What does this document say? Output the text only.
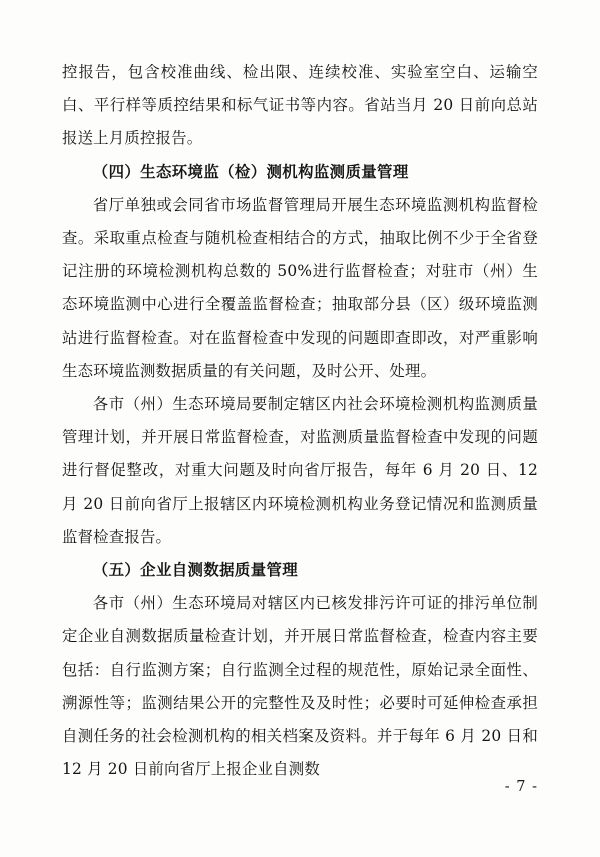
控报告，包含校准曲线、检出限、连续校准、实验室空白、运输空白、平行样等质控结果和标气证书等内容。省站当月 20 日前向总站报送上月质控报告。

（四）生态环境监（检）测机构监测质量管理

省厅单独或会同省市场监督管理局开展生态环境监测机构监督检查。采取重点检查与随机检查相结合的方式，抽取比例不少于全省登记注册的环境检测机构总数的 50%进行监督检查；对驻市（州）生态环境监测中心进行全覆盖监督检查；抽取部分县（区）级环境监测站进行监督检查。对在监督检查中发现的问题即查即改，对严重影响生态环境监测数据质量的有关问题，及时公开、处理。

各市（州）生态环境局要制定辖区内社会环境检测机构监测质量管理计划，并开展日常监督检查，对监测质量监督检查中发现的问题进行督促整改，对重大问题及时向省厅报告，每年 6 月 20 日、12 月 20 日前向省厅上报辖区内环境检测机构业务登记情况和监测质量监督检查报告。

（五）企业自测数据质量管理

各市（州）生态环境局对辖区内已核发排污许可证的排污单位制定企业自测数据质量检查计划，并开展日常监督检查，检查内容主要包括：自行监测方案；自行监测全过程的规范性，原始记录全面性、溯源性等；监测结果公开的完整性及及时性；必要时可延伸检查承担自测任务的社会检测机构的相关档案及资料。并于每年 6 月 20 日和 12 月 20 日前向省厅上报企业自测数

- 7 -
